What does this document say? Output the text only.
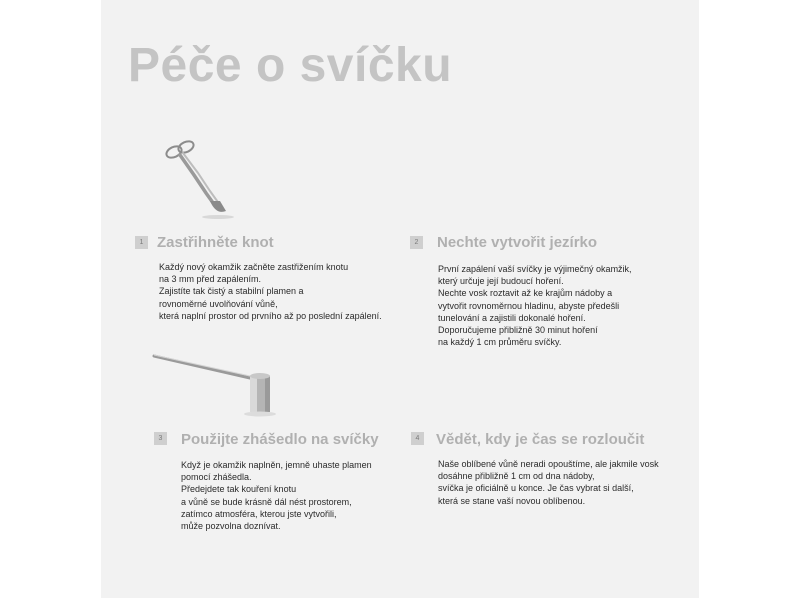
Péče o svíčku
1 Zastřihněte knot
Každý nový okamžik začněte zastřižením knotu
na 3 mm před zapálením.
Zajistíte tak čistý a stabilní plamen a
rovnoměrné uvolňování vůně,
která naplní prostor od prvního až po poslední zapálení.
2	Nechte vytvořit jezírko
První zapálení vaší svíčky je výjimečný okamžik,
který určuje její budoucí hoření.
Nechte vosk roztavit až ke krajům nádoby a
vytvořit rovnoměrnou hladinu, abyste předešli
tunelování a zajistili dokonalé hoření.
Doporučujeme přibližně 30 minut hoření
na každý 1 cm průměru svíčky.
3	Použijte zhášedlo na svíčky
Když je okamžik naplněn, jemně uhaste plamen
pomocí zhášedla.
Předejdete tak kouření knotu
a vůně se bude krásně dál nést prostorem,
zatímco atmosféra, kterou jste vytvořili,
může pozvolna doznívat.
4	Vědět, kdy je čas se rozloučit
Naše oblíbené vůně neradi opouštíme, ale jakmile vosk
dosáhne přibližně 1 cm od dna nádoby,
svíčka je oficiálně u konce. Je čas vybrat si další,
která se stane vaší novou oblíbenou.
